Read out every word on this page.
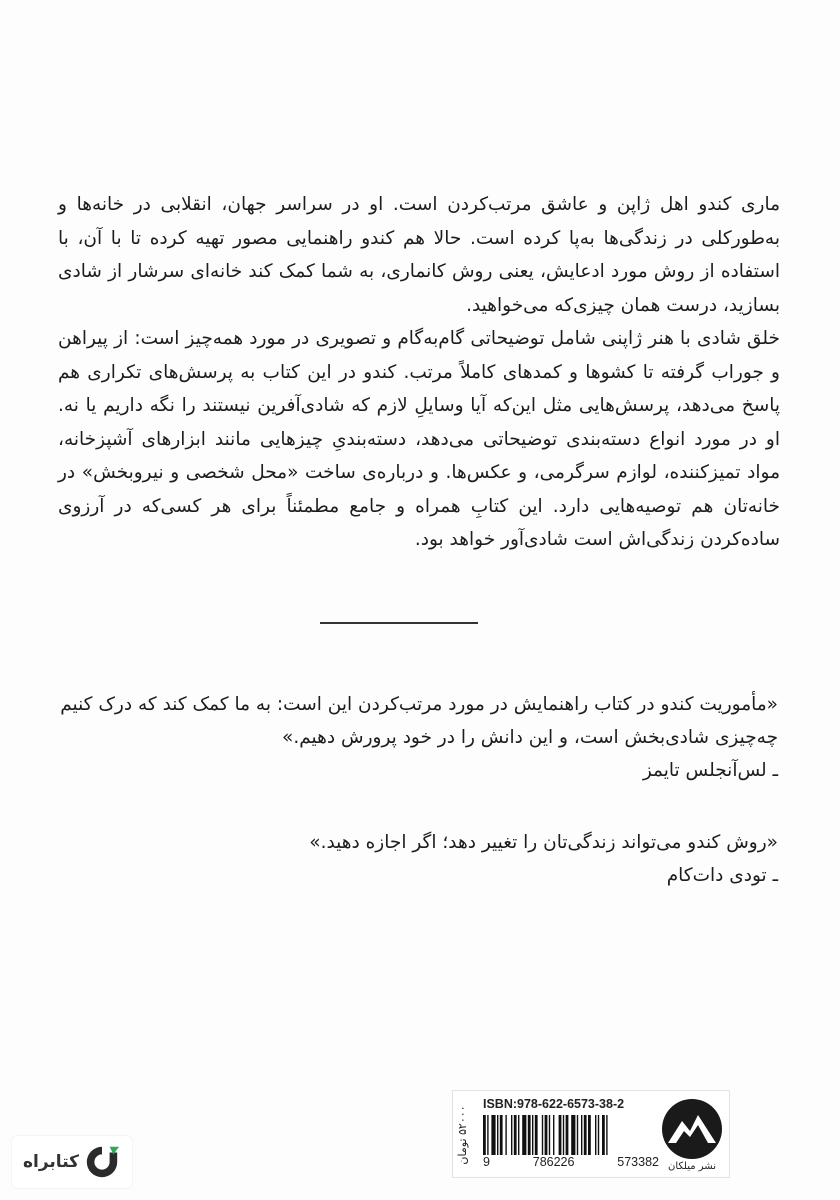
ماری کندو اهل ژاپن و عاشق مرتب‌کردن است. او در سراسر جهان، انقلابی در خانه‌ها و به‌طورکلی در زندگی‌ها به‌پا کرده است. حالا هم کندو راهنمایی مصور تهیه کرده تا با آن، با استفاده از روش مورد ادعایش، یعنی روش کانماری، به شما کمک کند خانه‌ای سرشار از شادی بسازید، درست همان چیزی‌که می‌خواهید.

خلق شادی با هنر ژاپنی شامل توضیحاتی گام‌به‌گام و تصویری در مورد همه‌چیز است: از پیراهن و جوراب گرفته تا کشوها و کمدهای کاملاً مرتب. کندو در این کتاب به پرسش‌های تکراری هم پاسخ می‌دهد، پرسش‌هایی مثل این‌که آیا وسایلِ لازم که شادی‌آفرین نیستند را نگه داریم یا نه. او در مورد انواع دسته‌بندی توضیحاتی می‌دهد، دسته‌بندیِ چیزهایی مانند ابزارهای آشپزخانه، مواد تمیزکننده، لوازم سرگرمی، و عکس‌ها. و درباره‌ی ساخت «محل شخصی و نیروبخش» در خانه‌تان هم توصیه‌هایی دارد. این کتابِ همراه و جامع مطمئناً برای هر کسی‌که در آرزوی ساده‌کردن زندگی‌اش است شادی‌آور خواهد بود.

«مأموریت کندو در کتاب راهنمایش در مورد مرتب‌کردن این است: به ما کمک کند که درک کنیم چه‌چیزی شادی‌بخش است، و این دانش را در خود پرورش دهیم.»

ـ لس‌آنجلس تایمز

«روش کندو می‌تواند زندگی‌تان را تغییر دهد؛ اگر اجازه دهید.»

ـ تودی دات‌کام

کتابراه	۵۲۰۰۰ تومان
ISBN:978-622-6573-38-2
9	786226	573382 نشر میلکان
